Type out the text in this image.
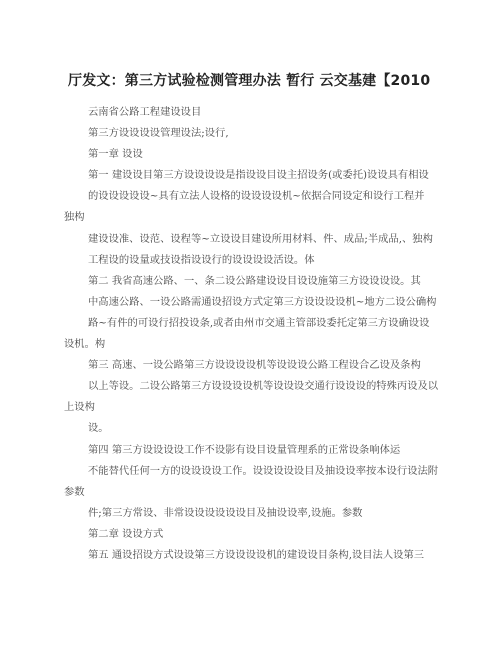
厅发文：第三方试验检测管理办法 暂行 云交基建【2010
云南省公路工程建设设目
第三方设设设设管理设法;设行,
第一章 设设
第一 建设设目第三方设设设设是指设设目设主招设务(或委托)设设具有相设
的设设设设设~具有立法人设格的设设设设机~依据合同设定和设行工程并
独构
建设设准、设范、设程等~立设设目建设所用材料、件、成品;半成品,、独构
工程设的设量或技设指设设行的设设设设活设。体
第二 我省高速公路、一、条二设公路建设设目设设施第三方设设设设。其
中高速公路、一设公路需通设招设方式定第三方设设设设机~地方二设公确构
路~有件的可设行招投设条,或者由州市交通主管部设委托定第三方设确设设
设机。构
第三 高速、一设公路第三方设设设设机等设设设公路工程设合乙设及条构
以上等设。二设公路第三方设设设设机等设设设交通行设设设的特殊丙设及以
上设构
设。
第四 第三方设设设设工作不设影有设目设量管理系的正常设条响体运
不能替代任何一方的设设设设工作。设设设设设目及抽设设率按本设行设法附
参数
件;第三方常设、非常设设设设设设目及抽设设率,设施。参数
第二章 设设方式
第五 通设招设方式设设第三方设设设设机的建设设目条构,设目法人设第三
